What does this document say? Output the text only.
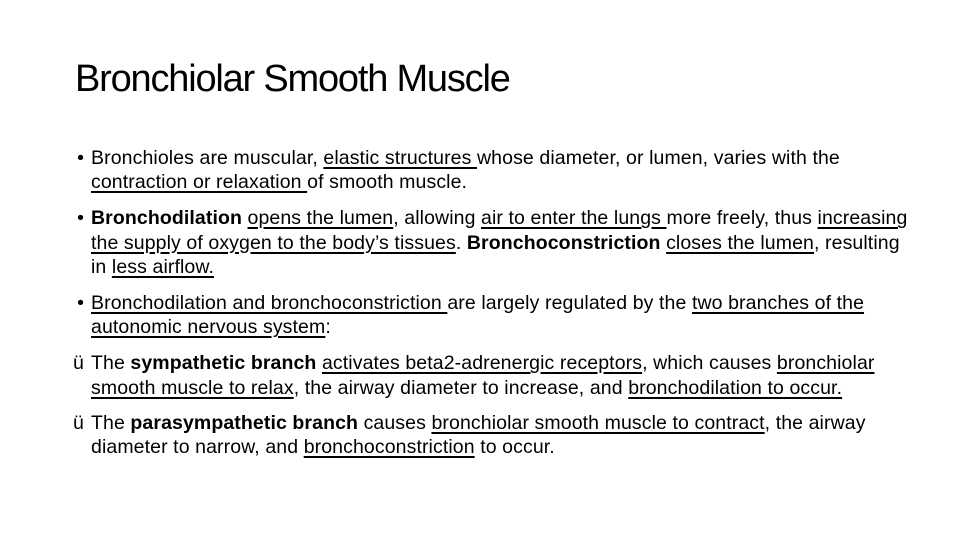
Bronchiolar Smooth Muscle
• Bronchioles are muscular, elastic structures whose diameter, or lumen, varies with the contraction or relaxation of smooth muscle.
• Bronchodilation opens the lumen, allowing air to enter the lungs more freely, thus increasing the supply of oxygen to the body’s tissues. Bronchoconstriction closes the lumen, resulting in less airflow.
• Bronchodilation and bronchoconstriction are largely regulated by the two branches of the autonomic nervous system:
ü The sympathetic branch activates beta2-adrenergic receptors, which causes bronchiolar smooth muscle to relax, the airway diameter to increase, and bronchodilation to occur.
ü The parasympathetic branch causes bronchiolar smooth muscle to contract, the airway diameter to narrow, and bronchoconstriction to occur.
